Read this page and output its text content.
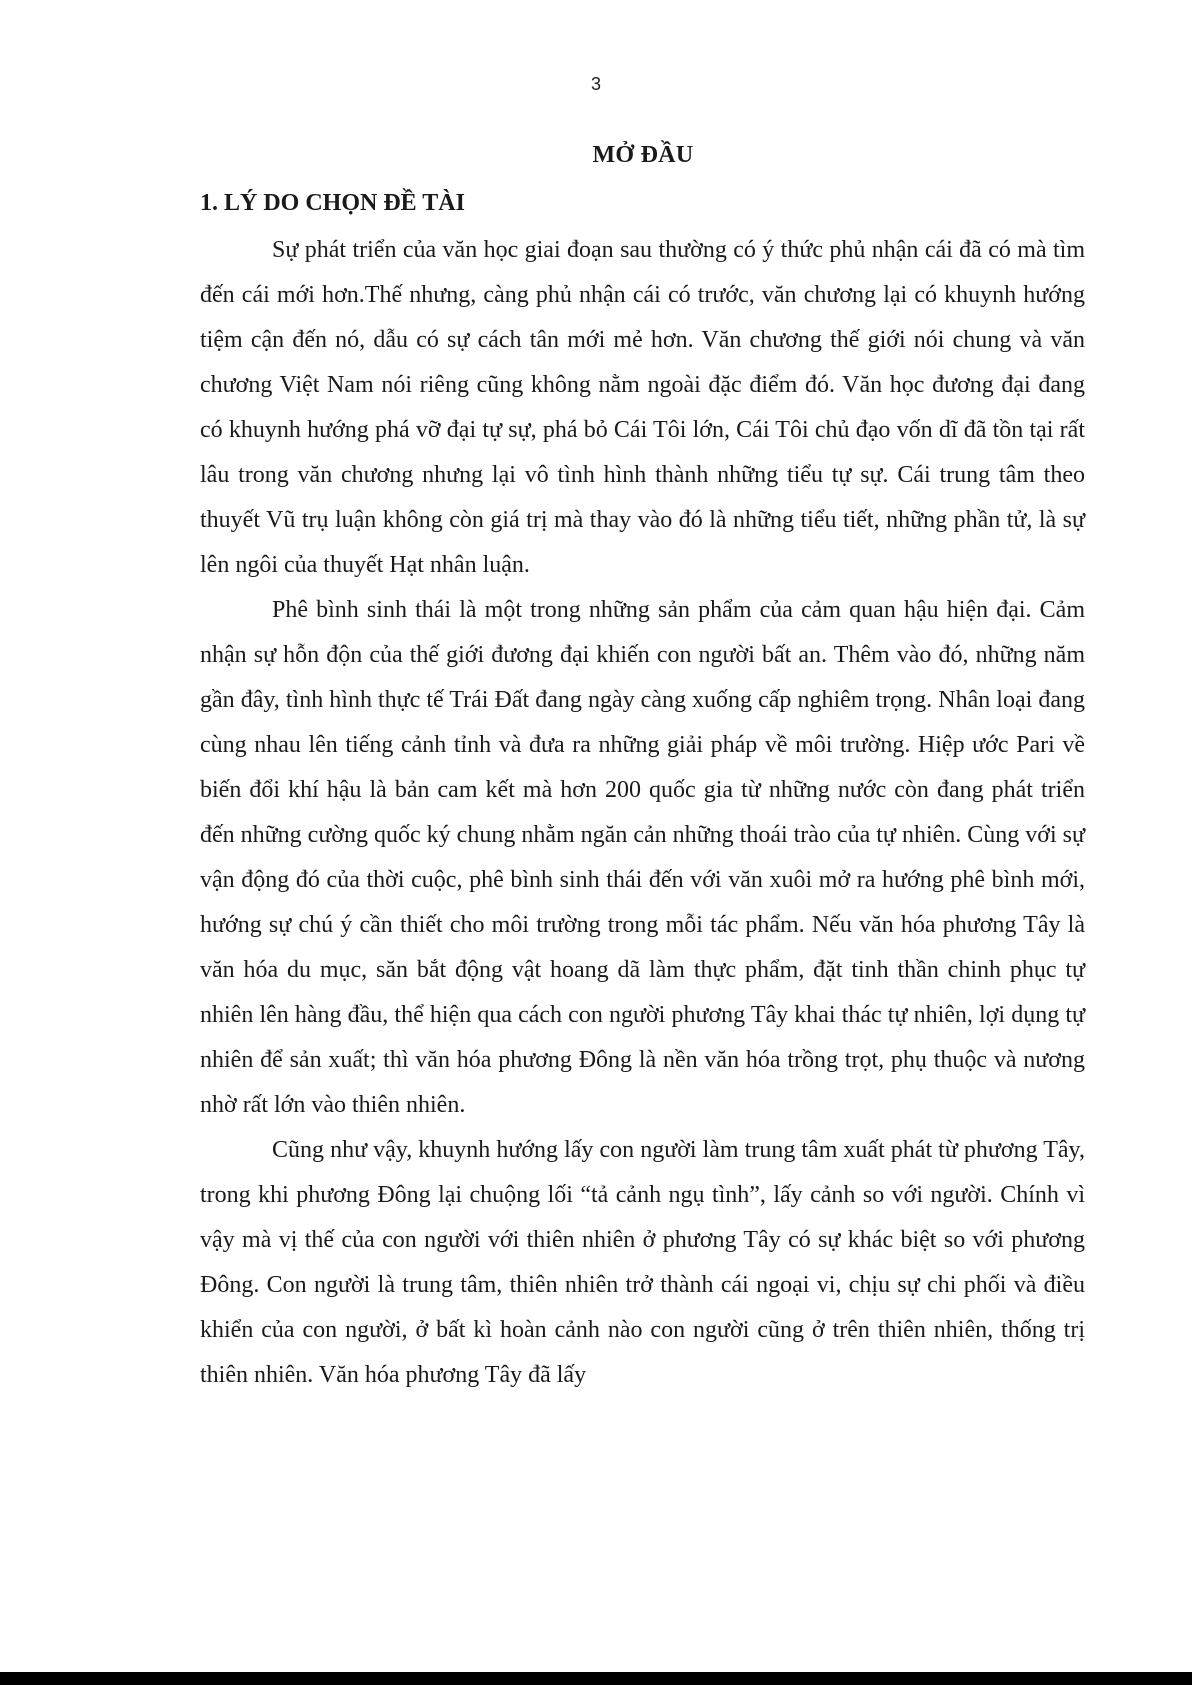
3
MỞ ĐẦU
1. LÝ DO CHỌN ĐỀ TÀI

Sự phát triển của văn học giai đoạn sau thường có ý thức phủ nhận cái đã có mà tìm đến cái mới hơn.Thế nhưng, càng phủ nhận cái có trước, văn chương lại có khuynh hướng tiệm cận đến nó, dẫu có sự cách tân mới mẻ hơn. Văn chương thế giới nói chung và văn chương Việt Nam nói riêng cũng không nằm ngoài đặc điểm đó. Văn học đương đại đang có khuynh hướng phá vỡ đại tự sự, phá bỏ Cái Tôi lớn, Cái Tôi chủ đạo vốn dĩ đã tồn tại rất lâu trong văn chương nhưng lại vô tình hình thành những tiểu tự sự. Cái trung tâm theo thuyết Vũ trụ luận không còn giá trị mà thay vào đó là những tiểu tiết, những phần tử, là sự lên ngôi của thuyết Hạt nhân luận.

Phê bình sinh thái là một trong những sản phẩm của cảm quan hậu hiện đại. Cảm nhận sự hỗn độn của thế giới đương đại khiến con người bất an. Thêm vào đó, những năm gần đây, tình hình thực tế Trái Đất đang ngày càng xuống cấp nghiêm trọng. Nhân loại đang cùng nhau lên tiếng cảnh tỉnh và đưa ra những giải pháp về môi trường. Hiệp ước Pari về biến đổi khí hậu là bản cam kết mà hơn 200 quốc gia từ những nước còn đang phát triển đến những cường quốc ký chung nhằm ngăn cản những thoái trào của tự nhiên. Cùng với sự vận động đó của thời cuộc, phê bình sinh thái đến với văn xuôi mở ra hướng phê bình mới, hướng sự chú ý cần thiết cho môi trường trong mỗi tác phẩm. Nếu văn hóa phương Tây là văn hóa du mục, săn bắt động vật hoang dã làm thực phẩm, đặt tinh thần chinh phục tự nhiên lên hàng đầu, thể hiện qua cách con người phương Tây khai thác tự nhiên, lợi dụng tự nhiên để sản xuất; thì văn hóa phương Đông là nền văn hóa trồng trọt, phụ thuộc và nương nhờ rất lớn vào thiên nhiên.

Cũng như vậy, khuynh hướng lấy con người làm trung tâm xuất phát từ phương Tây, trong khi phương Đông lại chuộng lối “tả cảnh ngụ tình”, lấy cảnh so với người. Chính vì vậy mà vị thế của con người với thiên nhiên ở phương Tây có sự khác biệt so với phương Đông. Con người là trung tâm, thiên nhiên trở thành cái ngoại vi, chịu sự chi phối và điều khiển của con người, ở bất kì hoàn cảnh nào con người cũng ở trên thiên nhiên, thống trị thiên nhiên. Văn hóa phương Tây đã lấy
